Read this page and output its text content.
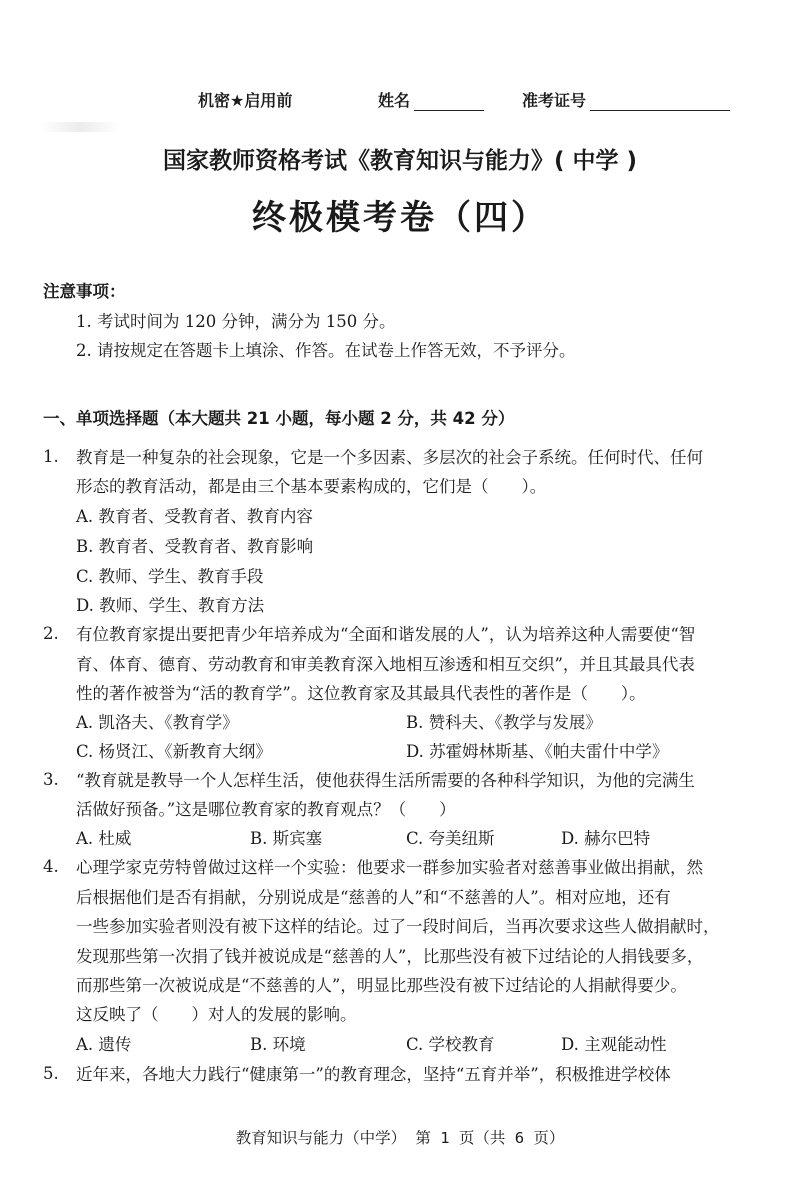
机密★启用前	姓名	准考证号
国家教师资格考试《教育知识与能力》( 中学 )
终极模考卷（四）
注意事项：
1. 考试时间为 120 分钟，满分为 150 分。
2. 请按规定在答题卡上填涂、作答。在试卷上作答无效，不予评分。
一、单项选择题（本大题共 21 小题，每小题 2 分，共 42 分）
1. 教育是一种复杂的社会现象，它是一个多因素、多层次的社会子系统。任何时代、任何
形态的教育活动，都是由三个基本要素构成的，它们是（　　）。
A. 教育者、受教育者、教育内容
B. 教育者、受教育者、教育影响
C. 教师、学生、教育手段
D. 教师、学生、教育方法
2. 有位教育家提出要把青少年培养成为“全面和谐发展的人”，认为培养这种人需要使“智
育、体育、德育、劳动教育和审美教育深入地相互渗透和相互交织”，并且其最具代表
性的著作被誉为“活的教育学”。这位教育家及其最具代表性的著作是（　　）。
A. 凯洛夫、《教育学》	B. 赞科夫、《教学与发展》
C. 杨贤江、《新教育大纲》	D. 苏霍姆林斯基、《帕夫雷什中学》
3. “教育就是教导一个人怎样生活，使他获得生活所需要的各种科学知识，为他的完满生
活做好预备。”这是哪位教育家的教育观点？（　　）
A. 杜威	B. 斯宾塞	C. 夸美纽斯	D. 赫尔巴特
4. 心理学家克劳特曾做过这样一个实验：他要求一群参加实验者对慈善事业做出捐献，然
后根据他们是否有捐献，分别说成是“慈善的人”和“不慈善的人”。相对应地，还有
一些参加实验者则没有被下这样的结论。过了一段时间后，当再次要求这些人做捐献时，
发现那些第一次捐了钱并被说成是“慈善的人”，比那些没有被下过结论的人捐钱要多，
而那些第一次被说成是“不慈善的人”，明显比那些没有被下过结论的人捐献得要少。
这反映了（　　）对人的发展的影响。
A. 遗传	B. 环境	C. 学校教育	D. 主观能动性
5. 近年来，各地大力践行“健康第一”的教育理念，坚持“五育并举”，积极推进学校体
教育知识与能力（中学） 第 1 页（共 6 页）
